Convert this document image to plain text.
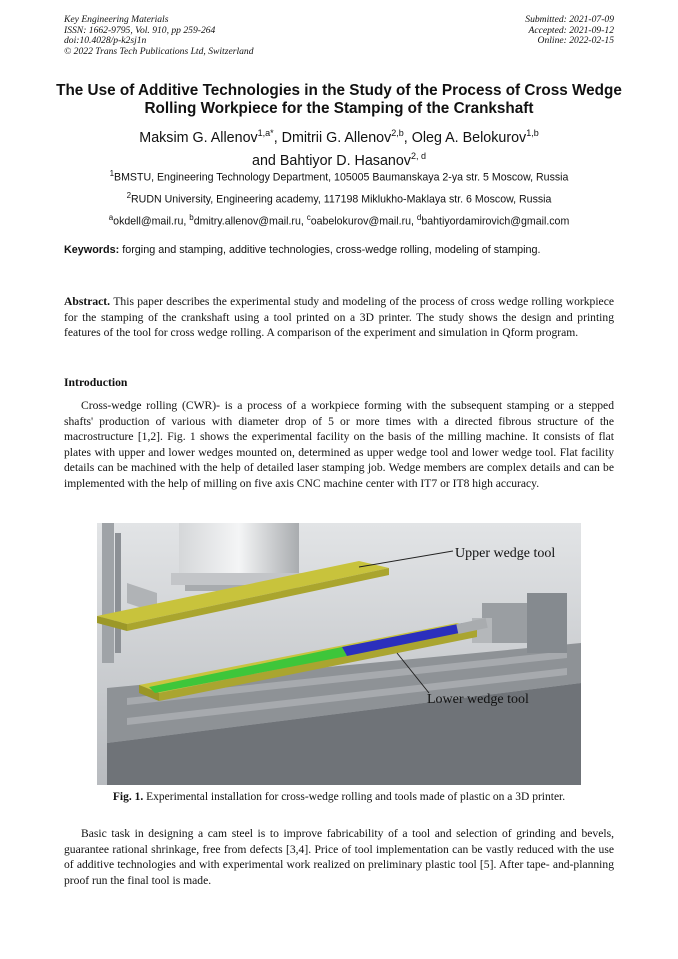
Key Engineering Materials
ISSN: 1662-9795, Vol. 910, pp 259-264
doi:10.4028/p-k2sj1n
© 2022 Trans Tech Publications Ltd, Switzerland
Submitted: 2021-07-09
Accepted: 2021-09-12
Online: 2022-02-15
The Use of Additive Technologies in the Study of the Process of Cross Wedge Rolling Workpiece for the Stamping of the Crankshaft
Maksim G. Allenov$^{1,a*}$, Dmitrii G. Allenov$^{2,b}$, Oleg A. Belokurov$^{1,b}$
and Bahtiyor D. Hasanov$^{2, d}$
$^1$BMSTU, Engineering Technology Department, 105005 Baumanskaya 2-ya str. 5 Moscow, Russia
$^2$RUDN University, Engineering academy, 117198 Miklukho-Maklaya str. 6 Moscow, Russia
$^a$okdell@mail.ru, $^b$dmitry.allenov@mail.ru, $^c$oabelokurov@mail.ru, $^d$bahtiyordamirovich@gmail.com
Keywords: forging and stamping, additive technologies, cross-wedge rolling, modeling of stamping.
Abstract. This paper describes the experimental study and modeling of the process of cross wedge rolling workpiece for the stamping of the crankshaft using a tool printed on a 3D printer. The study shows the design and printing features of the tool for cross wedge rolling. A comparison of the experiment and simulation in Qform program.
Introduction
Cross-wedge rolling (CWR)- is a process of a workpiece forming with the subsequent stamping or a stepped shafts' production of various with diameter drop of 5 or more times with a directed fibrous structure of the macrostructure [1,2]. Fig. 1 shows the experimental facility on the basis of the milling machine. It consists of flat plates with upper and lower wedges mounted on, determined as upper wedge tool and lower wedge tool. Flat facility details can be machined with the help of detailed laser stamping job. Wedge members are complex details and can be implemented with the help of milling on five axis CNC machine center with IT7 or IT8 high accuracy.
Upper wedge tool
Lower wedge tool
Fig. 1. Experimental installation for cross-wedge rolling and tools made of plastic on a 3D printer.
Basic task in designing a cam steel is to improve fabricability of a tool and selection of grinding and bevels, guarantee rational shrinkage, free from defects [3,4]. Price of tool implementation can be vastly reduced with the use of additive technologies and with experimental work realized on preliminary plastic tool [5]. After tape- and-planning proof run the final tool is made.
